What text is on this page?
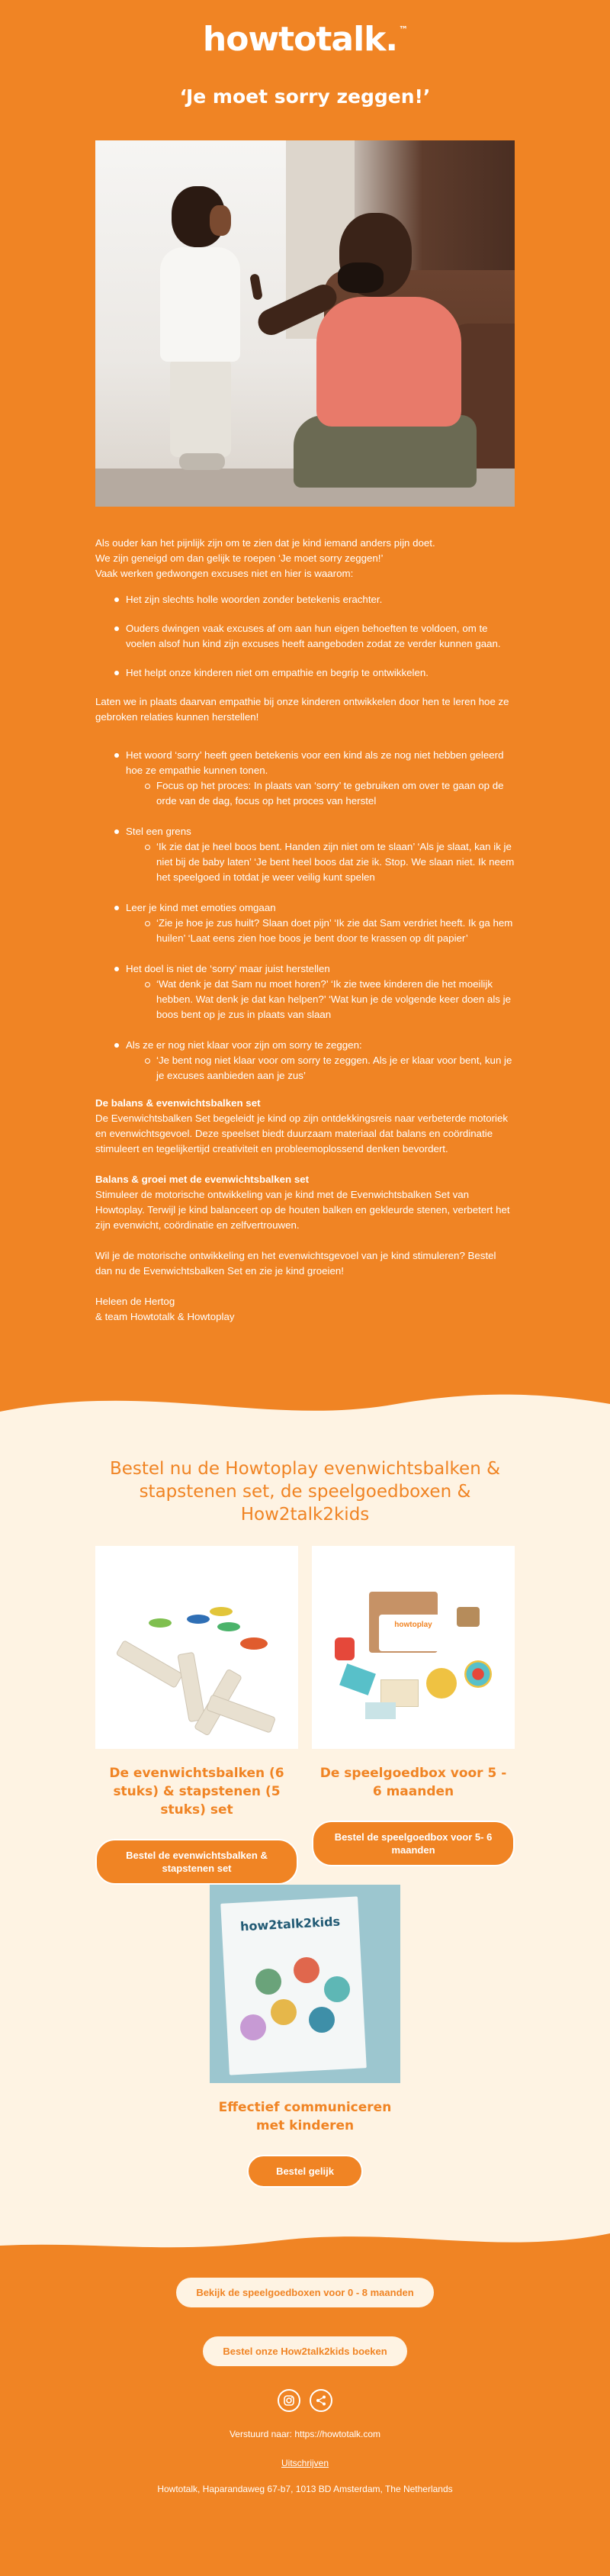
howtotalk. ™
‘Je moet sorry zeggen!’

Als ouder kan het pijnlijk zijn om te zien dat je kind iemand anders pijn doet.

We zijn geneigd om dan gelijk te roepen ‘Je moet sorry zeggen!’

Vaak werken gedwongen excuses niet en hier is waarom:

Het zijn slechts holle woorden zonder betekenis erachter.
Ouders dwingen vaak excuses af om aan hun eigen behoeften te voldoen, om te voelen alsof hun kind zijn excuses heeft aangeboden zodat ze verder kunnen gaan.
Het helpt onze kinderen niet om empathie en begrip te ontwikkelen.

Laten we in plaats daarvan empathie bij onze kinderen ontwikkelen door hen te leren hoe ze gebroken relaties kunnen herstellen!

Het woord ‘sorry’ heeft geen betekenis voor een kind als ze nog niet hebben geleerd hoe ze empathie kunnen tonen.
Focus op het proces: In plaats van ‘sorry’ te gebruiken om over te gaan op de orde van de dag, focus op het proces van herstel
Stel een grens
‘Ik zie dat je heel boos bent. Handen zijn niet om te slaan’ ‘Als je slaat, kan ik je niet bij de baby laten’ ‘Je bent heel boos dat zie ik. Stop. We slaan niet. Ik neem het speelgoed in totdat je weer veilig kunt spelen
Leer je kind met emoties omgaan
‘Zie je hoe je zus huilt? Slaan doet pijn’ ‘Ik zie dat Sam verdriet heeft. Ik ga hem huilen’ ‘Laat eens zien hoe boos je bent door te krassen op dit papier’
Het doel is niet de ‘sorry’ maar juist herstellen
‘Wat denk je dat Sam nu moet horen?’ ‘Ik zie twee kinderen die het moeilijk hebben. Wat denk je dat kan helpen?’ ‘Wat kun je de volgende keer doen als je boos bent op je zus in plaats van slaan
Als ze er nog niet klaar voor zijn om sorry te zeggen:
‘Je bent nog niet klaar voor om sorry te zeggen. Als je er klaar voor bent, kun je je excuses aanbieden aan je zus’

De balans & evenwichtsbalken set

De Evenwichtsbalken Set begeleidt je kind op zijn ontdekkingsreis naar verbeterde motoriek en evenwichtsgevoel. Deze speelset biedt duurzaam materiaal dat balans en coördinatie stimuleert en tegelijkertijd creativiteit en probleemoplossend denken bevordert.

Balans & groei met de evenwichtsbalken set

Stimuleer de motorische ontwikkeling van je kind met de Evenwichtsbalken Set van Howtoplay. Terwijl je kind balanceert op de houten balken en gekleurde stenen, verbetert het zijn evenwicht, coördinatie en zelfvertrouwen.

Wil je de motorische ontwikkeling en het evenwichtsgevoel van je kind stimuleren? Bestel dan nu de Evenwichtsbalken Set en zie je kind groeien!

Heleen de Hertog

& team Howtotalk & Howtoplay

Bestel nu de Howtoplay evenwichtsbalken & stapstenen set, de speelgoedboxen & How2talk2kids
De evenwichtsbalken (6 stuks) & stapstenen (5 stuks) set
Bestel de evenwichtsbalken & stapstenen set
howtoplay
De speelgoedbox voor 5 - 6 maanden
Bestel de speelgoedbox voor 5- 6 maanden
how2talk2kids
Effectief communiceren met kinderen
Bestel gelijk
Bekijk de speelgoedboxen voor 0 - 8 maanden
Bestel onze How2talk2kids boeken
Verstuurd naar: https://howtotalk.com
Uitschrijven
Howtotalk, Haparandaweg 67-b7, 1013 BD Amsterdam, The Netherlands
